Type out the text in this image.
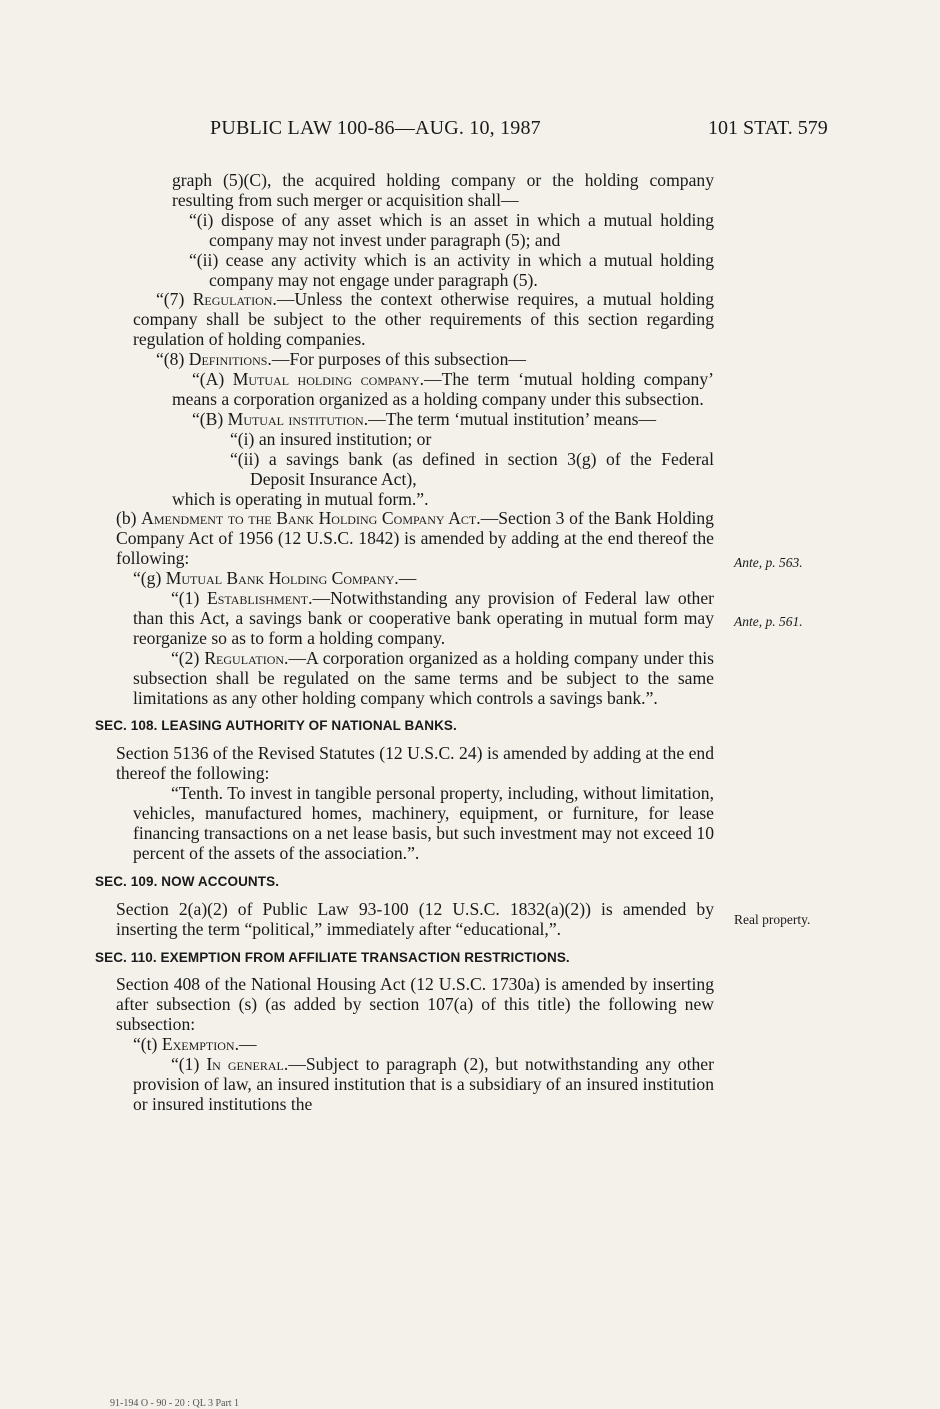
PUBLIC LAW 100-86—AUG. 10, 1987	101 STAT. 579

graph (5)(C), the acquired holding company or the holding company resulting from such merger or acquisition shall—

“(i) dispose of any asset which is an asset in which a mutual holding company may not invest under paragraph (5); and

“(ii) cease any activity which is an activity in which a mutual holding company may not engage under paragraph (5).

“(7) Regulation.—Unless the context otherwise requires, a mutual holding company shall be subject to the other requirements of this section regarding regulation of holding companies.

“(8) Definitions.—For purposes of this subsection—

“(A) Mutual holding company.—The term ‘mutual holding company’ means a corporation organized as a holding company under this subsection.

“(B) Mutual institution.—The term ‘mutual institution’ means—

“(i) an insured institution; or

“(ii) a savings bank (as defined in section 3(g) of the Federal Deposit Insurance Act),

which is operating in mutual form.”.

(b) Amendment to the Bank Holding Company Act.—Section 3 of the Bank Holding Company Act of 1956 (12 U.S.C. 1842) is amended by adding at the end thereof the following:

“(g) Mutual Bank Holding Company.—

“(1) Establishment.—Notwithstanding any provision of Federal law other than this Act, a savings bank or cooperative bank operating in mutual form may reorganize so as to form a holding company.

“(2) Regulation.—A corporation organized as a holding company under this subsection shall be regulated on the same terms and be subject to the same limitations as any other holding company which controls a savings bank.”.

SEC. 108. LEASING AUTHORITY OF NATIONAL BANKS.

Section 5136 of the Revised Statutes (12 U.S.C. 24) is amended by adding at the end thereof the following:

“Tenth. To invest in tangible personal property, including, without limitation, vehicles, manufactured homes, machinery, equipment, or furniture, for lease financing transactions on a net lease basis, but such investment may not exceed 10 percent of the assets of the association.”.

SEC. 109. NOW ACCOUNTS.

Section 2(a)(2) of Public Law 93-100 (12 U.S.C. 1832(a)(2)) is amended by inserting the term “political,” immediately after “educational,”.

SEC. 110. EXEMPTION FROM AFFILIATE TRANSACTION RESTRICTIONS.

Section 408 of the National Housing Act (12 U.S.C. 1730a) is amended by inserting after subsection (s) (as added by section 107(a) of this title) the following new subsection:

“(t) Exemption.—

“(1) In general.—Subject to paragraph (2), but notwithstanding any other provision of law, an insured institution that is a subsidiary of an insured institution or insured institutions the

Ante, p. 563.
Ante, p. 561.
Real property.
91-194 O - 90 - 20 : QL 3 Part 1
